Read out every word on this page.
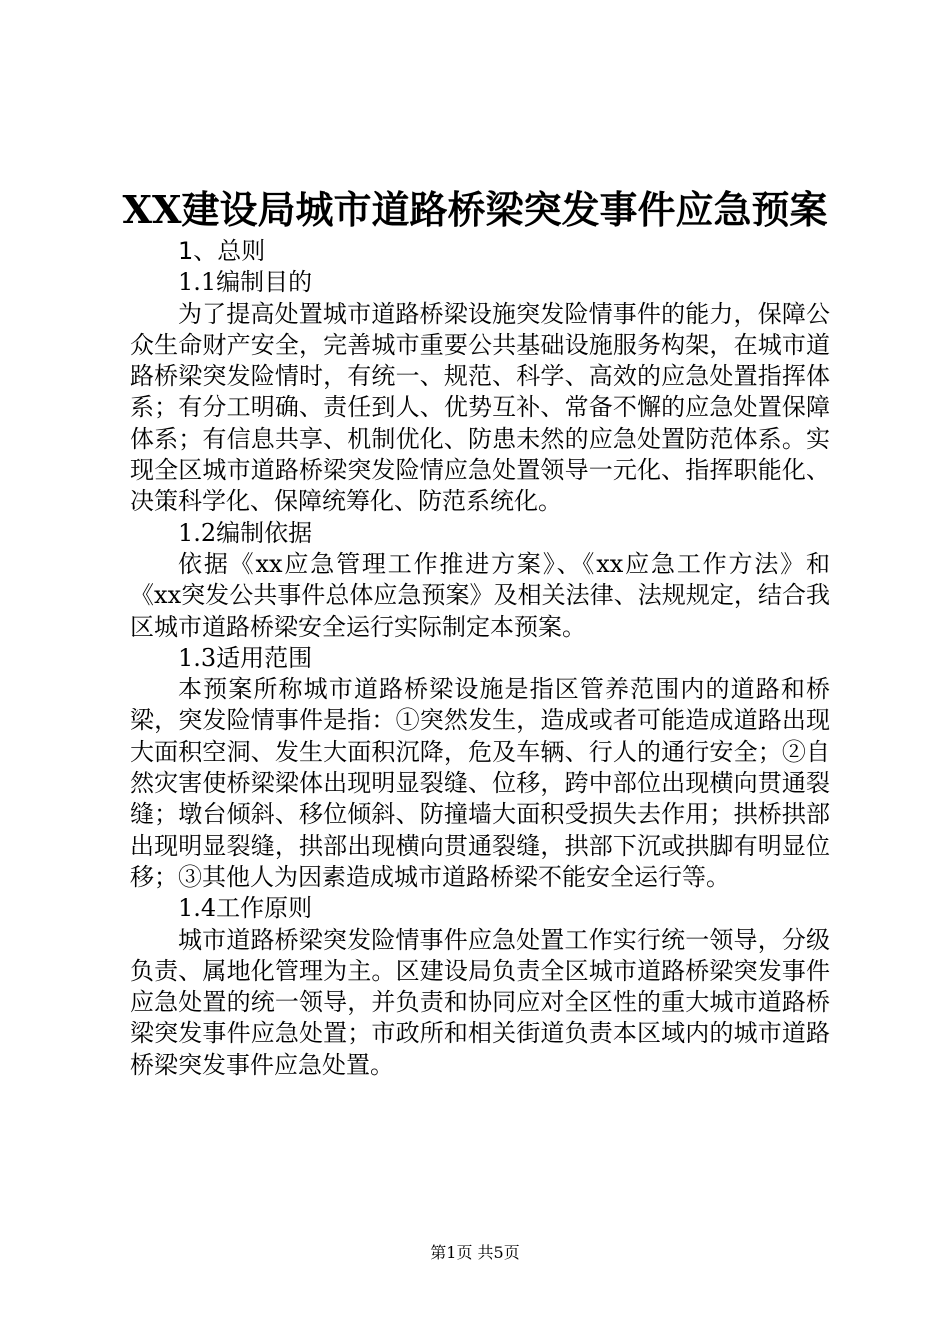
XX建设局城市道路桥梁突发事件应急预案

1、总则

1.1编制目的

为了提高处置城市道路桥梁设施突发险情事件的能力，保障公众生命财产安全，完善城市重要公共基础设施服务构架，在城市道路桥梁突发险情时，有统一、规范、科学、高效的应急处置指挥体系；有分工明确、责任到人、优势互补、常备不懈的应急处置保障体系；有信息共享、机制优化、防患未然的应急处置防范体系。实现全区城市道路桥梁突发险情应急处置领导一元化、指挥职能化、决策科学化、保障统筹化、防范系统化。

1.2编制依据

依据《xx应急管理工作推进方案》、《xx应急工作方法》和《xx突发公共事件总体应急预案》及相关法律、法规规定，结合我区城市道路桥梁安全运行实际制定本预案。

1.3适用范围

本预案所称城市道路桥梁设施是指区管养范围内的道路和桥梁，突发险情事件是指：①突然发生，造成或者可能造成道路出现大面积空洞、发生大面积沉降，危及车辆、行人的通行安全；②自然灾害使桥梁梁体出现明显裂缝、位移，跨中部位出现横向贯通裂缝；墩台倾斜、移位倾斜、防撞墙大面积受损失去作用；拱桥拱部出现明显裂缝，拱部出现横向贯通裂缝，拱部下沉或拱脚有明显位移；③其他人为因素造成城市道路桥梁不能安全运行等。

1.4工作原则

城市道路桥梁突发险情事件应急处置工作实行统一领导，分级负责、属地化管理为主。区建设局负责全区城市道路桥梁突发事件应急处置的统一领导，并负责和协同应对全区性的重大城市道路桥梁突发事件应急处置；市政所和相关街道负责本区域内的城市道路桥梁突发事件应急处置。

第1页 共5页
